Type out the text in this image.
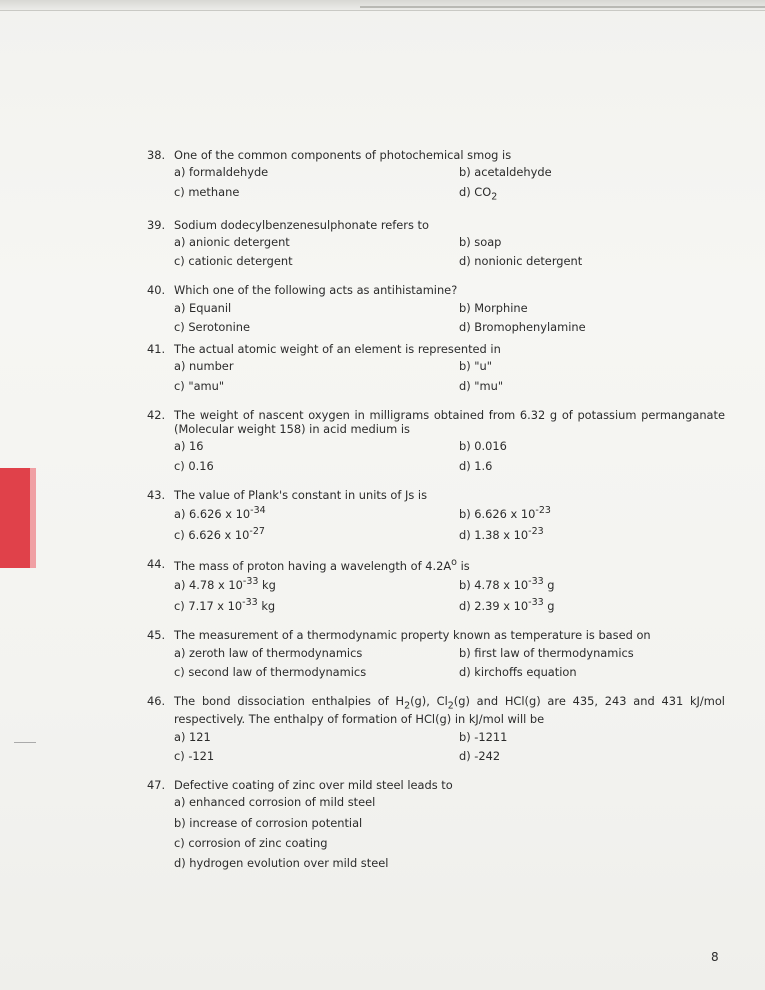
38. One of the common components of photochemical smog is
a) formaldehyde	b) acetaldehyde
c) methane	d) $CO_2$
39. Sodium dodecylbenzenesulphonate refers to
a) anionic detergent	b) soap
c) cationic detergent	d) nonionic detergent
40. Which one of the following acts as antihistamine?
a) Equanil	b) Morphine
c) Serotonine	d) Bromophenylamine
41. The actual atomic weight of an element is represented in
a) number	b) "u"
c) "amu"	d) "mu"
42. The weight of nascent oxygen in milligrams obtained from 6.32 g of potassium permanganate (Molecular weight 158) in acid medium is
a) 16	b) 0.016
c) 0.16	d) 1.6
43. The value of Plank's constant in units of Js is
a) 6.626 x $10^{-34}$	b) 6.626 x $10^{-23}$
c) 6.626 x $10^{-27}$	d) 1.38 x $10^{-23}$
44. The mass of proton having a wavelength of $4.2A^o$ is
a) 4.78 x $10^{-33}$ kg	b) 4.78 x $10^{-33}$ g
c) 7.17 x $10^{-33}$ kg	d) 2.39 x $10^{-33}$ g
45. The measurement of a thermodynamic property known as temperature is based on
a) zeroth law of thermodynamics	b) first law of thermodynamics
c) second law of thermodynamics	d) kirchoffs equation
46. The bond dissociation enthalpies of $H_2(g)$, $Cl_2(g)$ and HCl(g) are 435, 243 and 431 kJ/mol respectively. The enthalpy of formation of HCl(g) in kJ/mol will be
a) 121	b) -1211
c) -121	d) -242
47. Defective coating of zinc over mild steel leads to
a) enhanced corrosion of mild steel
b) increase of corrosion potential
c) corrosion of zinc coating
d) hydrogen evolution over mild steel
8
